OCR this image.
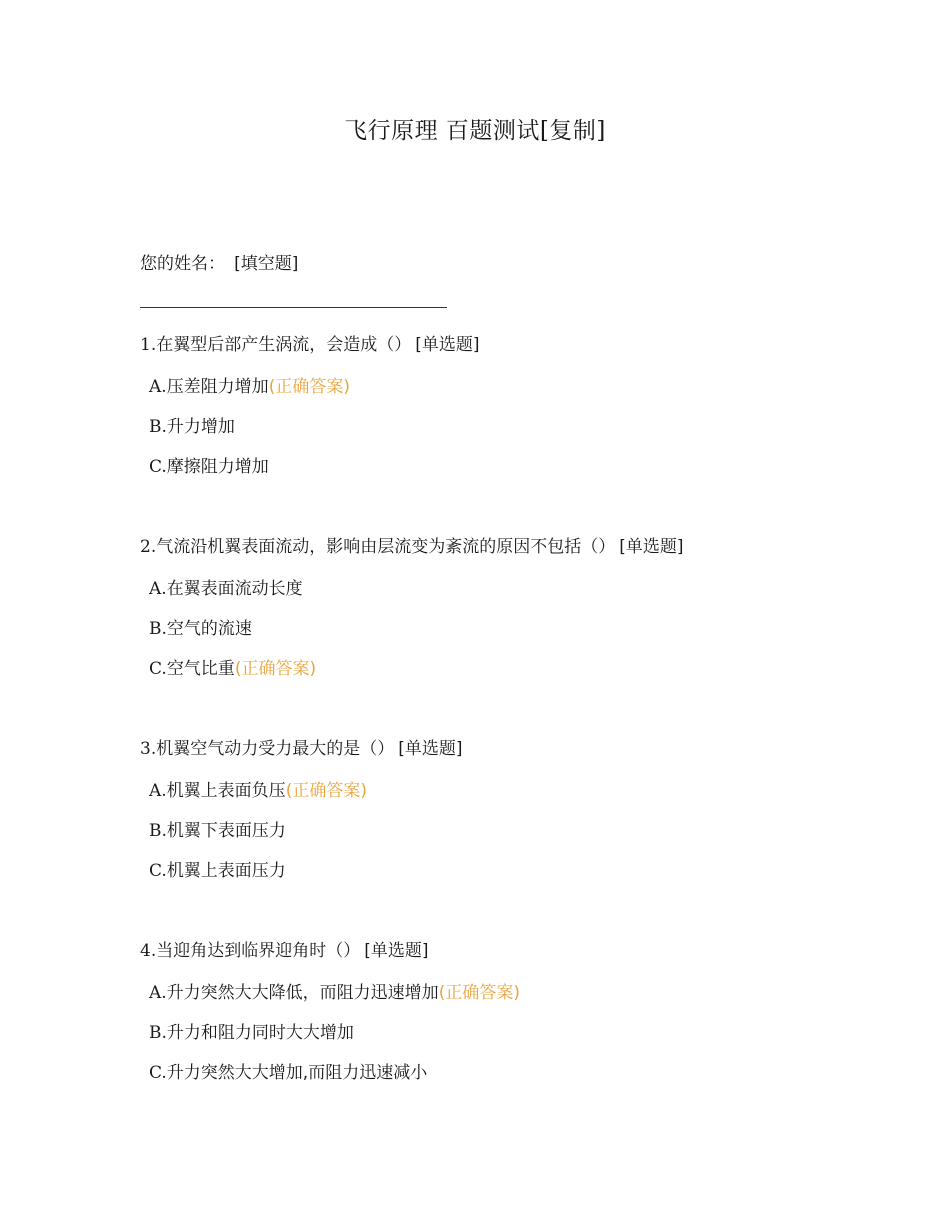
飞行原理 百题测试[复制]
您的姓名： [填空题]
1.在翼型后部产生涡流，会造成（） [单选题]
A.压差阻力增加(正确答案)
B.升力增加
C.摩擦阻力增加
2.气流沿机翼表面流动，影响由层流变为紊流的原因不包括（） [单选题]
A.在翼表面流动长度
B.空气的流速
C.空气比重(正确答案)
3.机翼空气动力受力最大的是（） [单选题]
A.机翼上表面负压(正确答案)
B.机翼下表面压力
C.机翼上表面压力
4.当迎角达到临界迎角时（） [单选题]
A.升力突然大大降低，而阻力迅速增加(正确答案)
B.升力和阻力同时大大增加
C.升力突然大大增加,而阻力迅速减小
